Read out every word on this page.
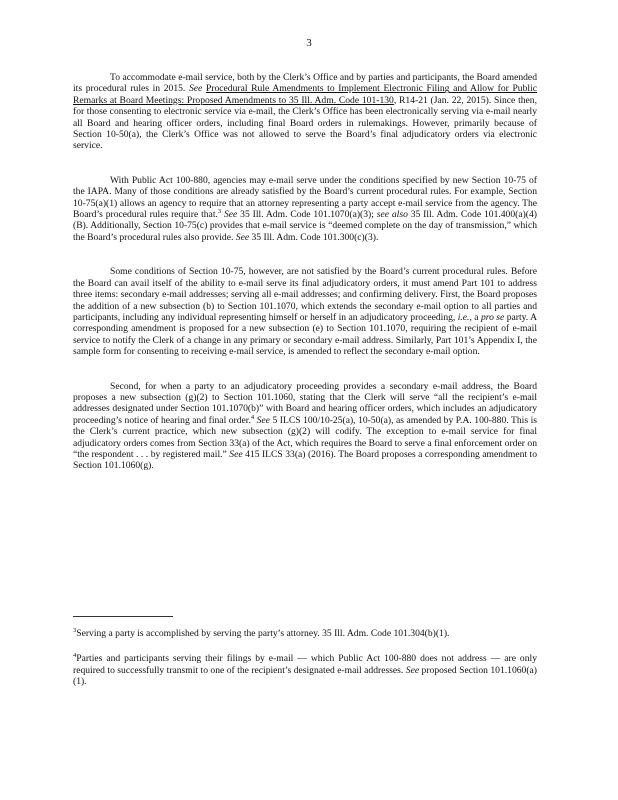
3

To accommodate e-mail service, both by the Clerk’s Office and by parties and participants, the Board amended its procedural rules in 2015. See Procedural Rule Amendments to Implement Electronic Filing and Allow for Public Remarks at Board Meetings: Proposed Amendments to 35 Ill. Adm. Code 101-130, R14-21 (Jan. 22, 2015). Since then, for those consenting to electronic service via e-mail, the Clerk’s Office has been electronically serving via e-mail nearly all Board and hearing officer orders, including final Board orders in rulemakings. However, primarily because of Section 10-50(a), the Clerk’s Office was not allowed to serve the Board’s final adjudicatory orders via electronic service.

With Public Act 100-880, agencies may e-mail serve under the conditions specified by new Section 10-75 of the IAPA. Many of those conditions are already satisfied by the Board’s current procedural rules. For example, Section 10-75(a)(1) allows an agency to require that an attorney representing a party accept e-mail service from the agency. The Board’s procedural rules require that.$^3$ See 35 Ill. Adm. Code 101.1070(a)(3); see also 35 Ill. Adm. Code 101.400(a)(4)(B). Additionally, Section 10-75(c) provides that e-mail service is “deemed complete on the day of transmission,” which the Board’s procedural rules also provide. See 35 Ill. Adm. Code 101.300(c)(3).

Some conditions of Section 10-75, however, are not satisfied by the Board’s current procedural rules. Before the Board can avail itself of the ability to e-mail serve its final adjudicatory orders, it must amend Part 101 to address three items: secondary e-mail addresses; serving all e-mail addresses; and confirming delivery. First, the Board proposes the addition of a new subsection (b) to Section 101.1070, which extends the secondary e-mail option to all parties and participants, including any individual representing himself or herself in an adjudicatory proceeding, i.e., a pro se party. A corresponding amendment is proposed for a new subsection (e) to Section 101.1070, requiring the recipient of e-mail service to notify the Clerk of a change in any primary or secondary e-mail address. Similarly, Part 101’s Appendix I, the sample form for consenting to receiving e-mail service, is amended to reflect the secondary e-mail option.

Second, for when a party to an adjudicatory proceeding provides a secondary e-mail address, the Board proposes a new subsection (g)(2) to Section 101.1060, stating that the Clerk will serve “all the recipient’s e-mail addresses designated under Section 101.1070(b)” with Board and hearing officer orders, which includes an adjudicatory proceeding’s notice of hearing and final order.$^4$ See 5 ILCS 100/10-25(a), 10-50(a), as amended by P.A. 100-880. This is the Clerk’s current practice, which new subsection (g)(2) will codify. The exception to e-mail service for final adjudicatory orders comes from Section 33(a) of the Act, which requires the Board to serve a final enforcement order on “the respondent . . . by registered mail.” See 415 ILCS 33(a) (2016). The Board proposes a corresponding amendment to Section 101.1060(g).

$^3$Serving a party is accomplished by serving the party’s attorney. 35 Ill. Adm. Code 101.304(b)(1).

$^4$Parties and participants serving their filings by e-mail — which Public Act 100-880 does not address — are only required to successfully transmit to one of the recipient’s designated e-mail addresses. See proposed Section 101.1060(a)(1).
